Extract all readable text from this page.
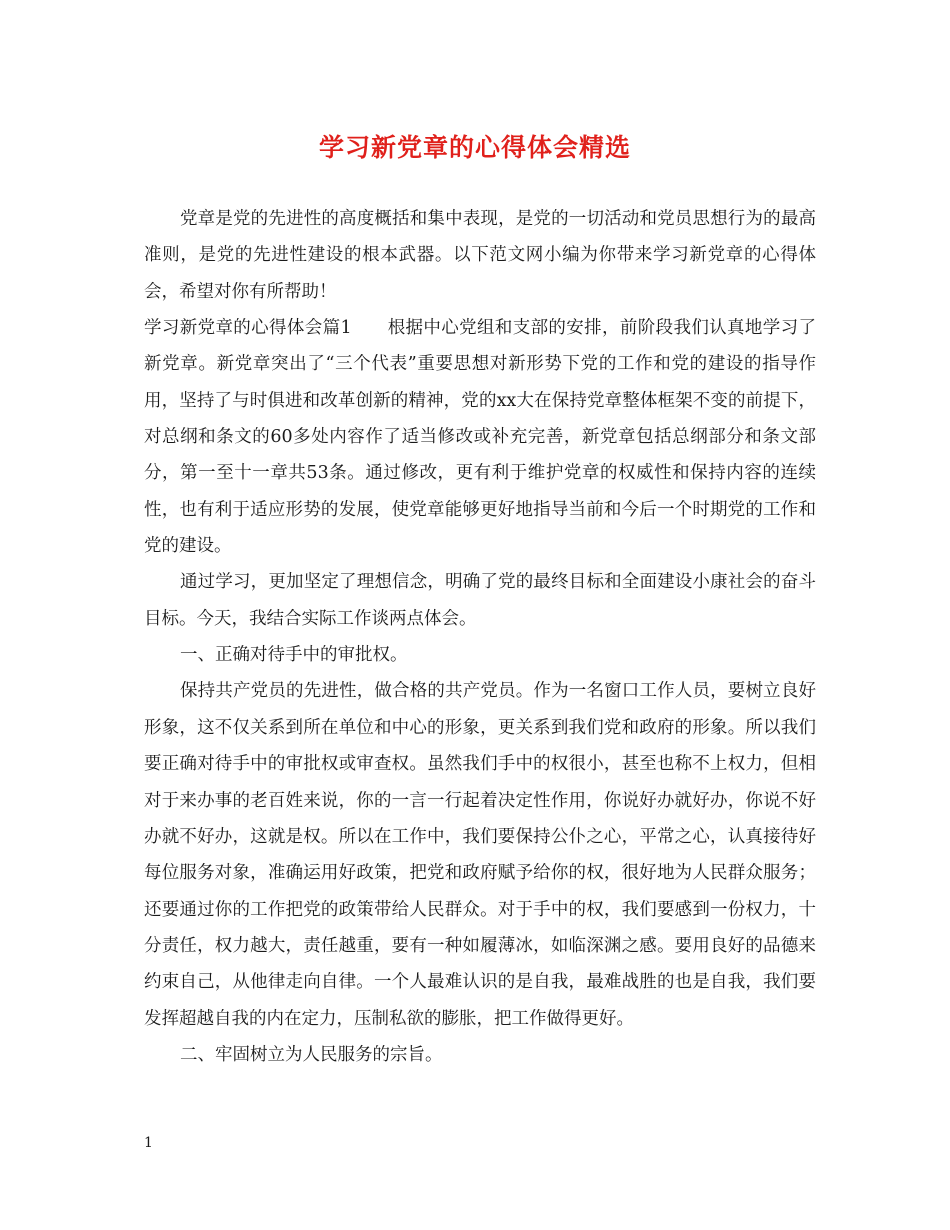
学习新党章的心得体会精选

党章是党的先进性的高度概括和集中表现，是党的一切活动和党员思想行为的最高准则，是党的先进性建设的根本武器。以下范文网小编为你带来学习新党章的心得体会，希望对你有所帮助！

学习新党章的心得体会篇1　　根据中心党组和支部的安排，前阶段我们认真地学习了新党章。新党章突出了“三个代表”重要思想对新形势下党的工作和党的建设的指导作用，坚持了与时俱进和改革创新的精神，党的xx大在保持党章整体框架不变的前提下，对总纲和条文的60多处内容作了适当修改或补充完善，新党章包括总纲部分和条文部分，第一至十一章共53条。通过修改，更有利于维护党章的权威性和保持内容的连续性，也有利于适应形势的发展，使党章能够更好地指导当前和今后一个时期党的工作和党的建设。

通过学习，更加坚定了理想信念，明确了党的最终目标和全面建设小康社会的奋斗目标。今天，我结合实际工作谈两点体会。

一、正确对待手中的审批权。

保持共产党员的先进性，做合格的共产党员。作为一名窗口工作人员，要树立良好形象，这不仅关系到所在单位和中心的形象，更关系到我们党和政府的形象。所以我们要正确对待手中的审批权或审查权。虽然我们手中的权很小，甚至也称不上权力，但相对于来办事的老百姓来说，你的一言一行起着决定性作用，你说好办就好办，你说不好办就不好办，这就是权。所以在工作中，我们要保持公仆之心，平常之心，认真接待好每位服务对象，准确运用好政策，把党和政府赋予给你的权，很好地为人民群众服务；还要通过你的工作把党的政策带给人民群众。对于手中的权，我们要感到一份权力，十分责任，权力越大，责任越重，要有一种如履薄冰，如临深渊之感。要用良好的品德来约束自己，从他律走向自律。一个人最难认识的是自我，最难战胜的也是自我，我们要发挥超越自我的内在定力，压制私欲的膨胀，把工作做得更好。

二、牢固树立为人民服务的宗旨。

1
